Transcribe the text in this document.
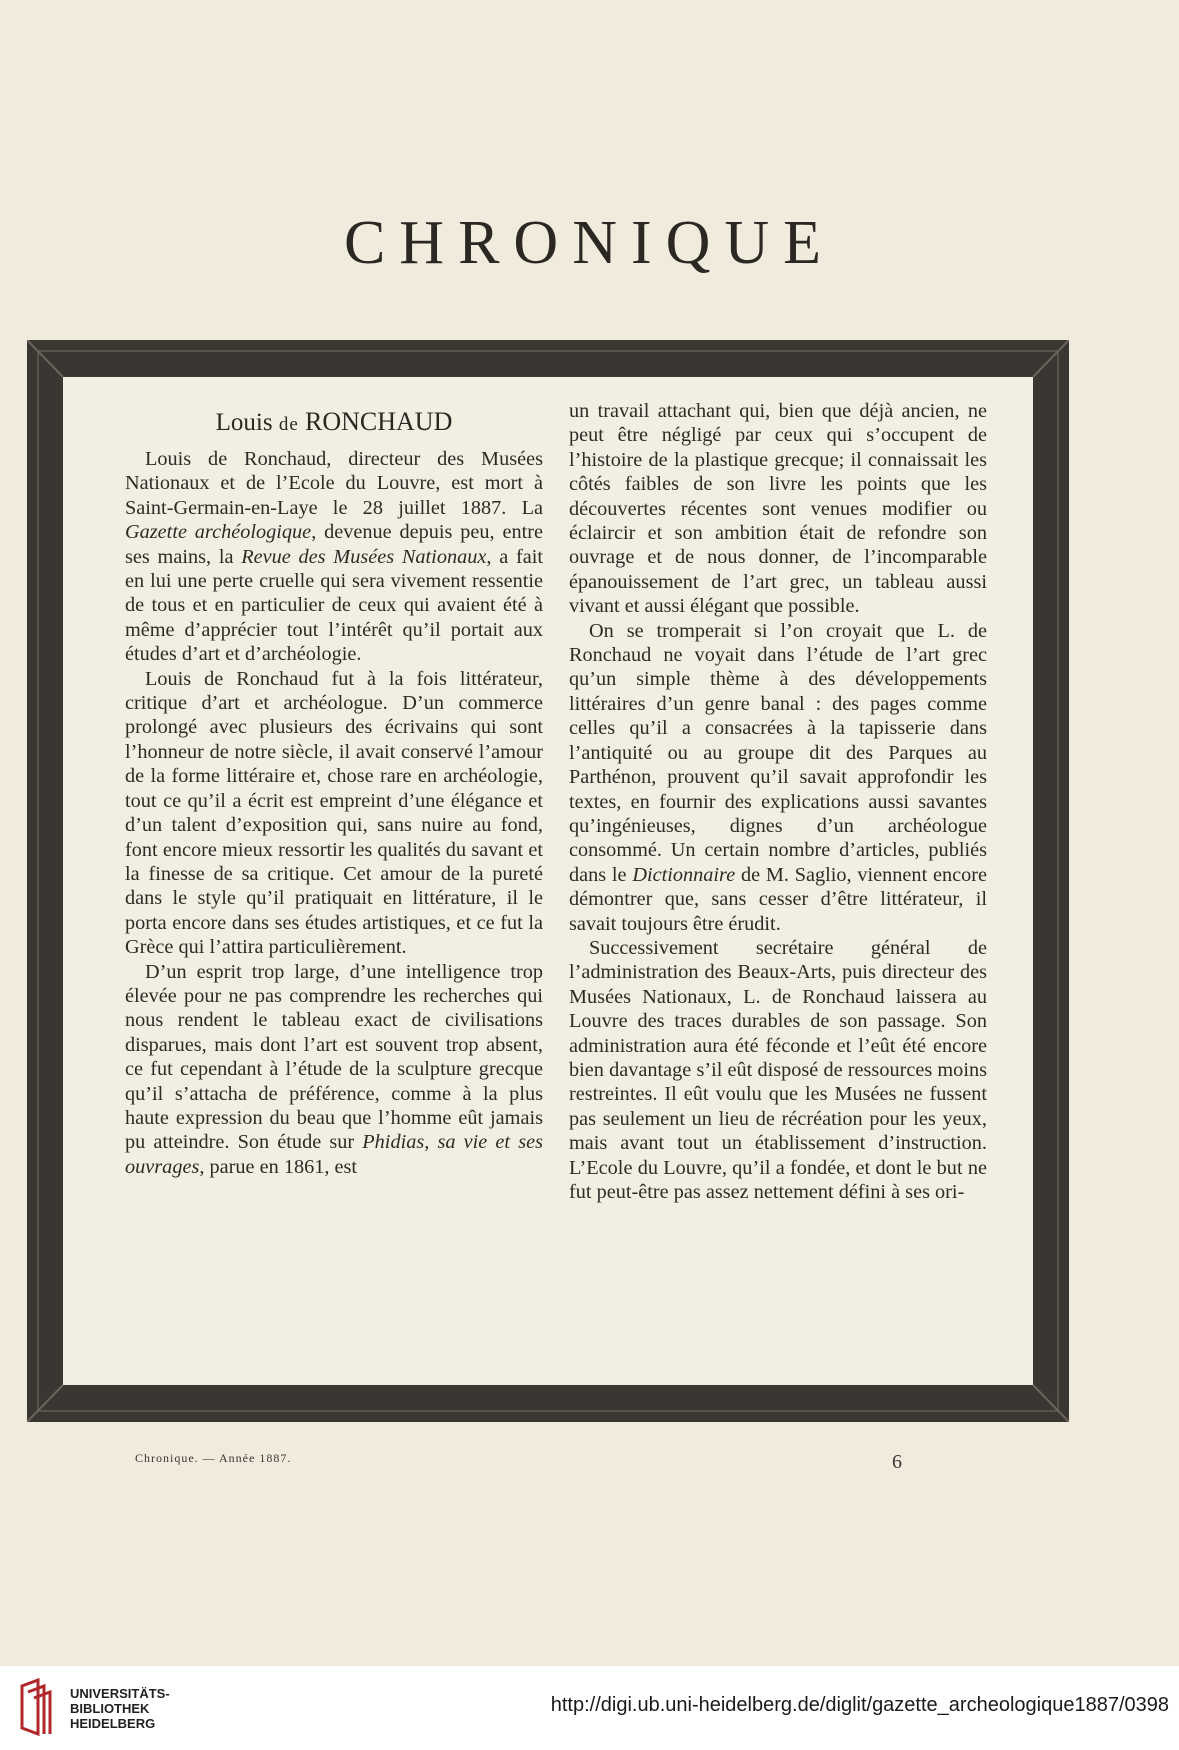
CHRONIQUE
Louis de RONCHAUD

Louis de Ronchaud, directeur des Musées Nationaux et de l’Ecole du Louvre, est mort à Saint-Germain-en-Laye le 28 juillet 1887. La Gazette archéologique, devenue depuis peu, entre ses mains, la Revue des Musées Nationaux, a fait en lui une perte cruelle qui sera vivement ressentie de tous et en particulier de ceux qui avaient été à même d’apprécier tout l’intérêt qu’il portait aux études d’art et d’archéologie.

Louis de Ronchaud fut à la fois littérateur, critique d’art et archéologue. D’un commerce prolongé avec plusieurs des écrivains qui sont l’honneur de notre siècle, il avait conservé l’amour de la forme littéraire et, chose rare en archéologie, tout ce qu’il a écrit est empreint d’une élégance et d’un talent d’exposition qui, sans nuire au fond, font encore mieux ressortir les qualités du savant et la finesse de sa critique. Cet amour de la pureté dans le style qu’il pratiquait en littérature, il le porta encore dans ses études artistiques, et ce fut la Grèce qui l’attira particulièrement.

D’un esprit trop large, d’une intelligence trop élevée pour ne pas comprendre les recherches qui nous rendent le tableau exact de civilisations disparues, mais dont l’art est souvent trop absent, ce fut cependant à l’étude de la sculpture grecque qu’il s’attacha de préférence, comme à la plus haute expression du beau que l’homme eût jamais pu atteindre. Son étude sur Phidias, sa vie et ses ouvrages, parue en 1861, est

un travail attachant qui, bien que déjà ancien, ne peut être négligé par ceux qui s’occupent de l’histoire de la plastique grecque; il connaissait les côtés faibles de son livre les points que les découvertes récentes sont venues modifier ou éclaircir et son ambition était de refondre son ouvrage et de nous donner, de l’incomparable épanouissement de l’art grec, un tableau aussi vivant et aussi élégant que possible.

On se tromperait si l’on croyait que L. de Ronchaud ne voyait dans l’étude de l’art grec qu’un simple thème à des développements littéraires d’un genre banal : des pages comme celles qu’il a consacrées à la tapisserie dans l’antiquité ou au groupe dit des Parques au Parthénon, prouvent qu’il savait approfondir les textes, en fournir des explications aussi savantes qu’ingénieuses, dignes d’un archéologue consommé. Un certain nombre d’articles, publiés dans le Dictionnaire de M. Saglio, viennent encore démontrer que, sans cesser d’être littérateur, il savait toujours être érudit.

Successivement secrétaire général de l’administration des Beaux-Arts, puis directeur des Musées Nationaux, L. de Ronchaud laissera au Louvre des traces durables de son passage. Son administration aura été féconde et l’eût été encore bien davantage s’il eût disposé de ressources moins restreintes. Il eût voulu que les Musées ne fussent pas seulement un lieu de récréation pour les yeux, mais avant tout un établissement d’instruction. L’Ecole du Louvre, qu’il a fondée, et dont le but ne fut peut-être pas assez nettement défini à ses ori-

Chronique. — Année 1887.	6
UNIVERSITÄTS-
BIBLIOTHEK
HEIDELBERG
http://digi.ub.uni-heidelberg.de/diglit/gazette_archeologique1887/0398
